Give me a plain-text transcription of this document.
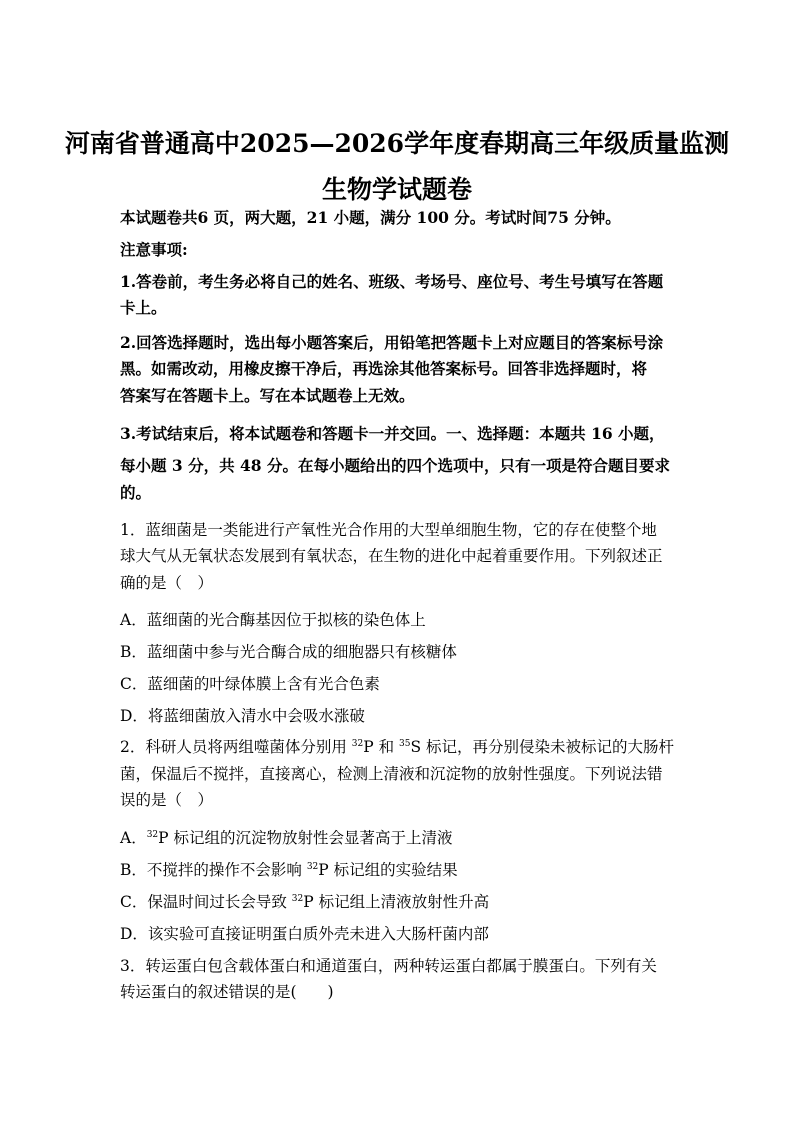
河南省普通高中2025—2026学年度春期高三年级质量监测
生物学试题卷
本试题卷共6 页，两大题，21 小题，满分 100 分。考试时间75 分钟。
注意事项:
1.答卷前，考生务必将自己的姓名、班级、考场号、座位号、考生号填写在答题
卡上。
2.回答选择题时，选出每小题答案后，用铅笔把答题卡上对应题目的答案标号涂
黑。如需改动，用橡皮擦干净后，再选涂其他答案标号。回答非选择题时，将
答案写在答题卡上。写在本试题卷上无效。
3.考试结束后，将本试题卷和答题卡一并交回。一、选择题：本题共 16 小题，
每小题 3 分，共 48 分。在每小题给出的四个选项中，只有一项是符合题目要求
的。
1．蓝细菌是一类能进行产氧性光合作用的大型单细胞生物，它的存在使整个地
球大气从无氧状态发展到有氧状态，在生物的进化中起着重要作用。下列叙述正
确的是（　）
A．蓝细菌的光合酶基因位于拟核的染色体上
B．蓝细菌中参与光合酶合成的细胞器只有核糖体
C．蓝细菌的叶绿体膜上含有光合色素
D．将蓝细菌放入清水中会吸水涨破
2．科研人员将两组噬菌体分别用 $^{32}$P 和 $^{35}$S 标记，再分别侵染未被标记的大肠杆
菌，保温后不搅拌，直接离心，检测上清液和沉淀物的放射性强度。下列说法错
误的是（　）
A．$^{32}$P 标记组的沉淀物放射性会显著高于上清液
B．不搅拌的操作不会影响 $^{32}$P 标记组的实验结果
C．保温时间过长会导致 $^{32}$P 标记组上清液放射性升高
D．该实验可直接证明蛋白质外壳未进入大肠杆菌内部
3．转运蛋白包含载体蛋白和通道蛋白，两种转运蛋白都属于膜蛋白。下列有关
转运蛋白的叙述错误的是(　　)
